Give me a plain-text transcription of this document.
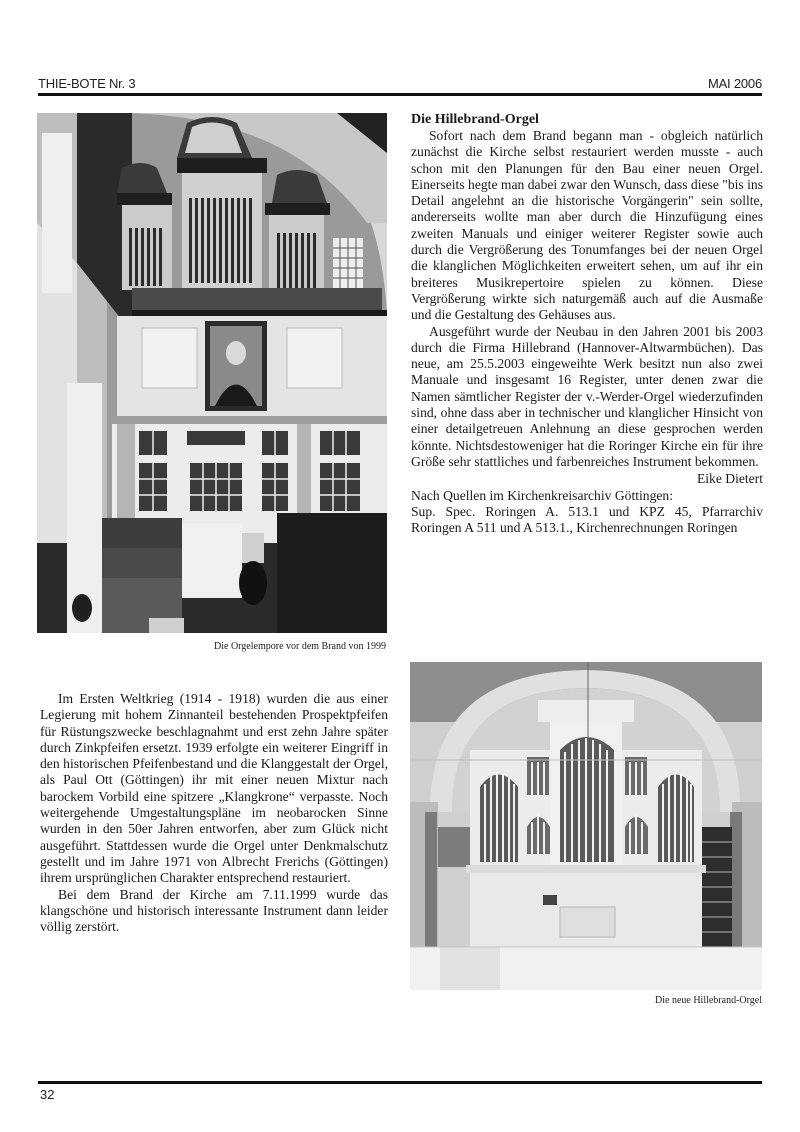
THIE-BOTE Nr. 3	MAI 2006
Die Orgelempore vor dem Brand von 1999
Die Hillebrand-Orgel

Sofort nach dem Brand begann man - obgleich natürlich zunächst die Kirche selbst restauriert werden musste - auch schon mit den Planungen für den Bau einer neuen Orgel. Einerseits hegte man dabei zwar den Wunsch, dass diese "bis ins Detail angelehnt an die historische Vorgängerin" sein sollte, andererseits wollte man aber durch die Hinzufügung eines zweiten Manuals und einiger weiterer Register sowie auch durch die Vergrößerung des Tonumfanges bei der neuen Orgel die klanglichen Möglichkeiten erweitert sehen, um auf ihr ein breiteres Musikrepertoire spielen zu können. Diese Vergrößerung wirkte sich naturgemäß auch auf die Ausmaße und die Gestaltung des Gehäuses aus.

Ausgeführt wurde der Neubau in den Jahren 2001 bis 2003 durch die Firma Hillebrand (Hannover-Altwarmbüchen). Das neue, am 25.5.2003 eingeweihte Werk besitzt nun also zwei Manuale und insgesamt 16 Register, unter denen zwar die Namen sämtlicher Register der v.-Werder-Orgel wiederzufinden sind, ohne dass aber in technischer und klanglicher Hinsicht von einer detailgetreuen Anlehnung an diese gesprochen werden könnte. Nichtsdestoweniger hat die Roringer Kirche ein für ihre Größe sehr stattliches und farbenreiches Instrument bekommen.

Eike Dietert

Nach Quellen im Kirchenkreisarchiv Göttingen:

Sup. Spec. Roringen A. 513.1 und KPZ 45, Pfarrarchiv Roringen A 511 und A 513.1., Kirchenrechnungen Roringen

Im Ersten Weltkrieg (1914 - 1918) wurden die aus einer Legierung mit hohem Zinnanteil bestehenden Prospektpfeifen für Rüstungszwecke beschlagnahmt und erst zehn Jahre später durch Zinkpfeifen ersetzt. 1939 erfolgte ein weiterer Eingriff in den historischen Pfeifenbestand und die Klanggestalt der Orgel, als Paul Ott (Göttingen) ihr mit einer neuen Mixtur nach barockem Vorbild eine spitzere „Klangkrone“ verpasste. Noch weitergehende Umgestaltungspläne im neobarocken Sinne wurden in den 50er Jahren entworfen, aber zum Glück nicht ausgeführt. Stattdessen wurde die Orgel unter Denkmalschutz gestellt und im Jahre 1971 von Albrecht Frerichs (Göttingen) ihrem ursprünglichen Charakter entsprechend restauriert.

Bei dem Brand der Kirche am 7.11.1999 wurde das klangschöne und historisch interessante Instrument dann leider völlig zerstört.

Die neue Hillebrand-Orgel
32
